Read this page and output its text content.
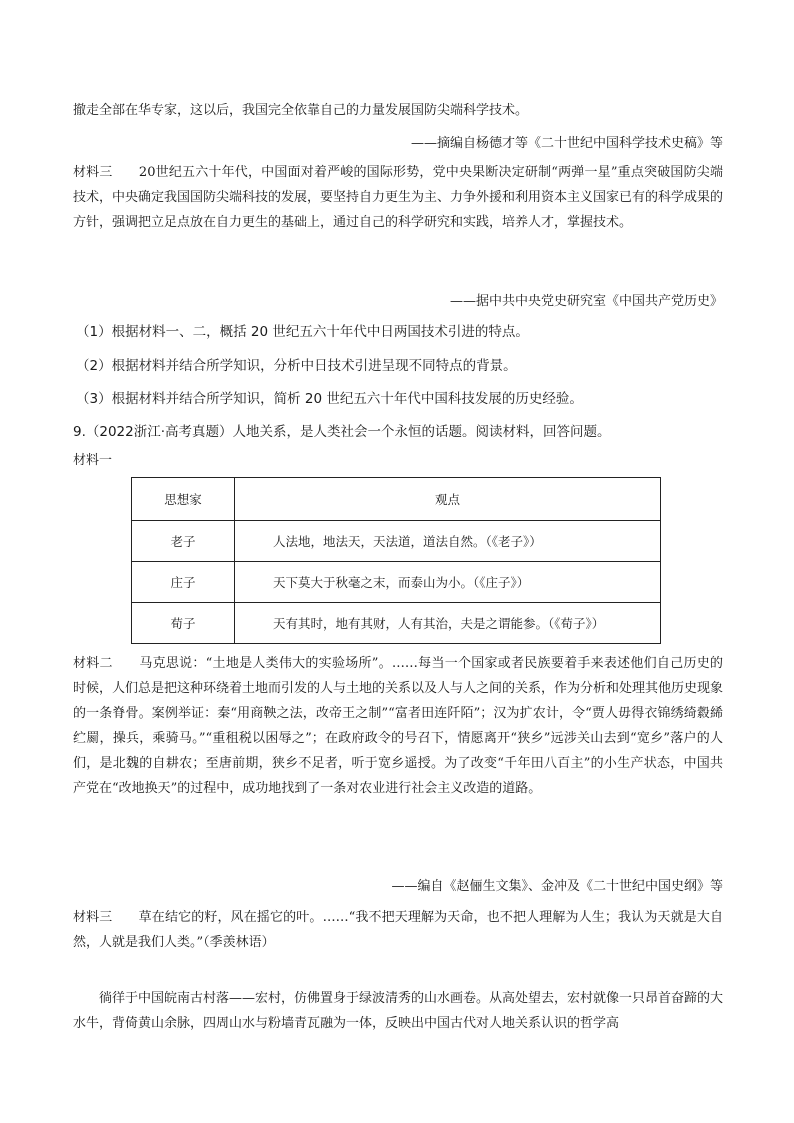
撤走全部在华专家，这以后，我国完全依靠自己的力量发展国防尖端科学技术。

——摘编自杨德才等《二十世纪中国科学技术史稿》等

材料三　　20世纪五六十年代，中国面对着严峻的国际形势，党中央果断决定研制“两弹一星”重点突破国防尖端技术，中央确定我国国防尖端科技的发展，要坚持自力更生为主、力争外援和利用资本主义国家已有的科学成果的方针，强调把立足点放在自力更生的基础上，通过自己的科学研究和实践，培养人才，掌握技术。

——据中共中央党史研究室《中国共产党历史》
（1）根据材料一、二，概括 20 世纪五六十年代中日两国技术引进的特点。
（2）根据材料并结合所学知识，分析中日技术引进呈现不同特点的背景。
（3）根据材料并结合所学知识，简析 20 世纪五六十年代中国科技发展的历史经验。
9.（2022浙江·高考真题）人地关系，是人类社会一个永恒的话题。阅读材料，回答问题。
材料一
思想家	观点
老子	人法地，地法天，天法道，道法自然。（《老子》）
庄子	天下莫大于秋毫之末，而泰山为小。（《庄子》）
荀子	天有其时，地有其财，人有其治，夫是之谓能参。（《荀子》）

材料二　　马克思说：“土地是人类伟大的实验场所”。……每当一个国家或者民族要着手来表述他们自己历史的时候，人们总是把这种环绕着土地而引发的人与土地的关系以及人与人之间的关系，作为分析和处理其他历史现象的一条脊骨。案例举证：秦“用商鞅之法，改帝王之制”“富者田连阡陌”；汉为扩农计，令“贾人毋得衣锦绣绮縠絺纻罽，操兵，乘骑马。”“重租税以困辱之”；在政府政令的号召下，情愿离开“狭乡”远涉关山去到“宽乡”落户的人们，是北魏的自耕农；至唐前期，狭乡不足者，听于宽乡遥授。为了改变“千年田八百主”的小生产状态，中国共产党在“改地换天”的过程中，成功地找到了一条对农业进行社会主义改造的道路。

——编自《赵俪生文集》、金冲及《二十世纪中国史纲》等

材料三　　草在结它的籽，风在摇它的叶。……“我不把天理解为天命，也不把人理解为人生；我认为天就是大自然，人就是我们人类。”（季羡林语）

徜徉于中国皖南古村落——宏村，仿佛置身于绿波清秀的山水画卷。从高处望去，宏村就像一只昂首奋蹄的大水牛，背倚黄山余脉，四周山水与粉墙青瓦融为一体，反映出中国古代对人地关系认识的哲学高
